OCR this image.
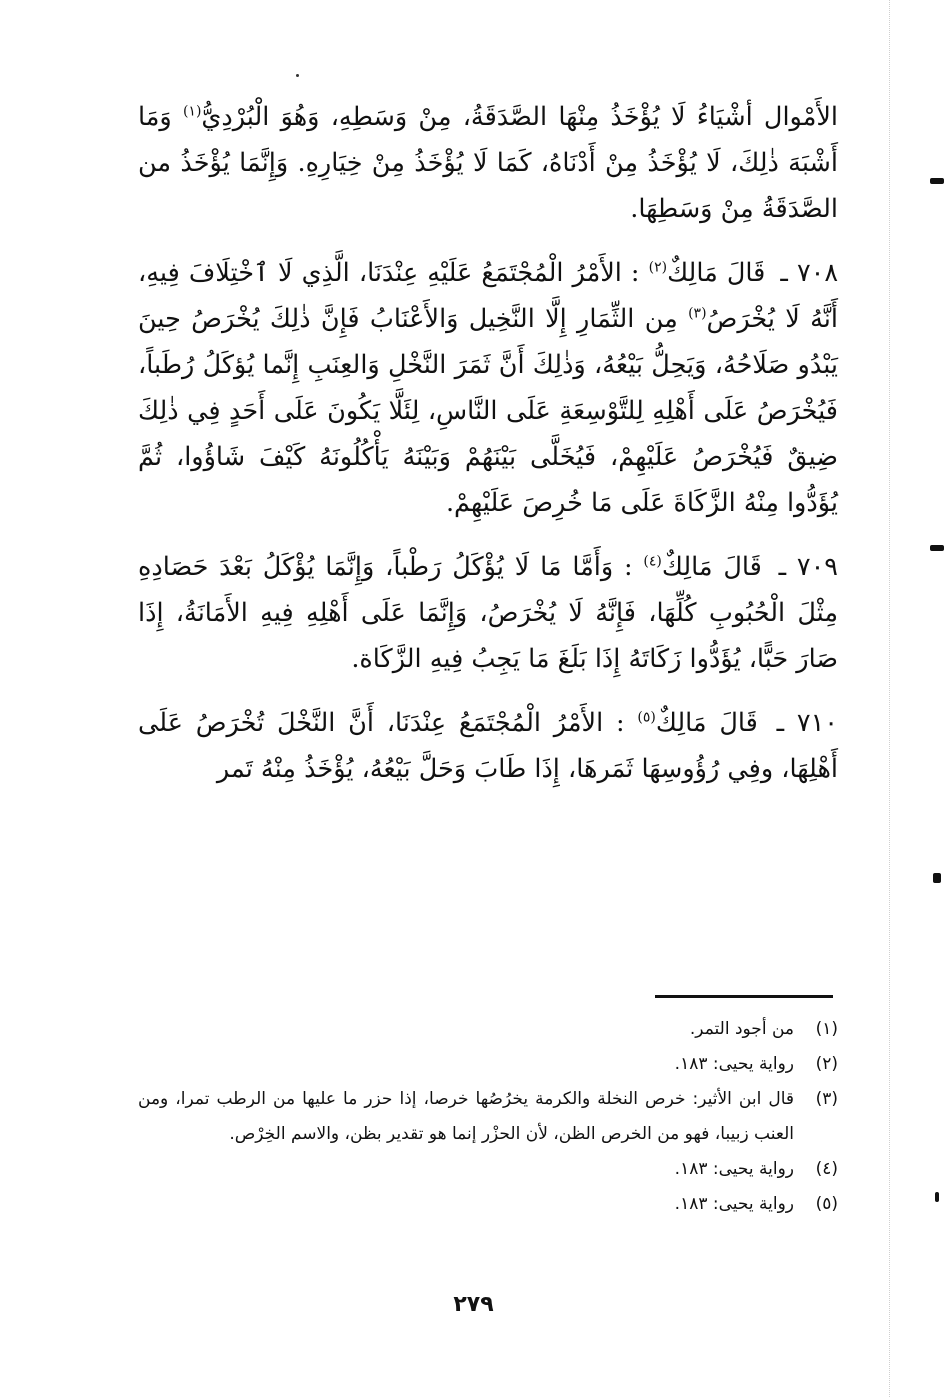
الأَمْوال أشْيَاءُ لَا يُؤْخَذُ مِنْهَا الصَّدَقَةُ، مِنْ وَسَطِهِ، وَهُوَ الْبُرْدِيُّ$^{(١)}$ وَمَا أَشْبَهَ ذٰلِكَ، لَا يُؤْخَذُ مِنْ أَدْنَاهُ، كَمَا لَا يُؤْخَذُ مِنْ خِيَارِهِ. وَإِنَّمَا يُؤْخَذُ من الصَّدَقَةُ مِنْ وَسَطِهَا.

٧٠٨ ـ قَالَ مَالِكٌ$^{(٢)}$ : الأَمْرُ الْمُجْتَمَعُ عَلَيْهِ عِنْدَنَا، الَّذِي لَا ٱخْتِلَافَ فِيهِ، أَنَّهُ لَا يُخْرَصُ$^{(٣)}$ مِن الثِّمَارِ إِلَّا النَّخِيل وَالأَعْنَابُ فَإِنَّ ذٰلِكَ يُخْرَصُ حِينَ يَبْدُو صَلَاحُهُ، وَيَحِلُّ بَيْعُهُ، وَذٰلِكَ أَنَّ ثَمَرَ النَّخْلِ وَالعِنَبِ إِنَّما يُؤكَلُ رُطَباً، فَيُخْرَصُ عَلَى أَهْلِهِ لِلتَّوْسِعَةِ عَلَى النَّاسِ، لِئَلَّا يَكُونَ عَلَى أَحَدٍ فِي ذٰلِكَ ضِيقٌ فَيُخْرَصُ عَلَيْهِمْ، فَيُخَلَّى بَيْنَهُمْ وَبَيْنَهُ يَأْكُلُونَهُ كَيْفَ شَاؤُوا، ثُمَّ يُؤَدُّوا مِنْهُ الزَّكَاةَ عَلَى مَا خُرِصَ عَلَيْهِمْ.

٧٠٩ ـ قَالَ مَالِكٌ$^{(٤)}$ : وَأَمَّا مَا لَا يُؤْكَلُ رَطْباً، وَإِنَّمَا يُؤْكَلُ بَعْدَ حَصَادِهِ مِثْلَ الْحُبُوبِ كُلِّهَا، فَإِنَّهُ لَا يُخْرَصُ، وَإِنَّمَا عَلَى أَهْلِهِ فِيهِ الأَمَانَةُ، إِذَا صَارَ حَبًّا، يُؤَدُّوا زَكَاتَهُ إِذَا بَلَغَ مَا يَجِبُ فِيهِ الزَّكَاة.

٧١٠ ـ قَالَ مَالِكٌ$^{(٥)}$ : الأَمْرُ الْمُجْتَمَعُ عِنْدَنَا، أَنَّ النَّخْلَ تُخْرَصُ عَلَى أَهْلِهَا، وفِي رُؤُوسِهَا ثَمَرهَا، إِذَا طَابَ وَحَلَّ بَيْعُهُ، يُؤْخَذُ مِنْهُ تَمر

(١)
من أجود التمر.
(٢)
رواية يحيى: ١٨٣.
(٣)
قال ابن الأثير: خرص النخلة والكرمة يخرُصُها خرصا، إذا حزر ما عليها من الرطب تمرا، ومن العنب زبيبا، فهو من الخرص الظن، لأن الحزْر إنما هو تقدير بظن، والاسم الخِرْص.
(٤)
رواية يحيى: ١٨٣.
(٥)
رواية يحيى: ١٨٣.
٢٧٩
